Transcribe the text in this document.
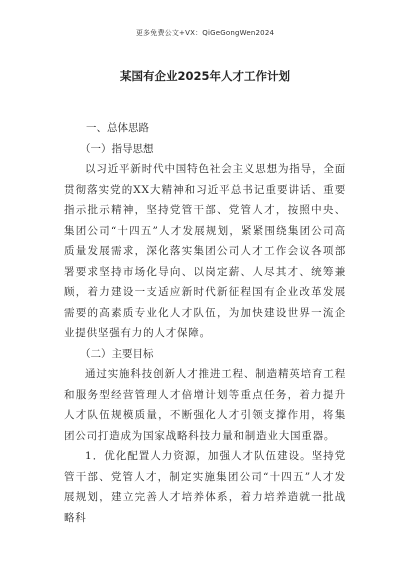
更多免费公文+VX：QiGeGongWen2024
某国有企业2025年人才工作计划

一、总体思路

（一）指导思想

以习近平新时代中国特色社会主义思想为指导，全面贯彻落实党的XX大精神和习近平总书记重要讲话、重要指示批示精神，坚持党管干部、党管人才，按照中央、集团公司“十四五”人才发展规划，紧紧围绕集团公司高质量发展需求，深化落实集团公司人才工作会议各项部署要求坚持市场化导向、以岗定薪、人尽其才、统筹兼顾，着力建设一支适应新时代新征程国有企业改革发展需要的高素质专业化人才队伍，为加快建设世界一流企业提供坚强有力的人才保障。

（二）主要目标

通过实施科技创新人才推进工程、制造精英培育工程和服务型经营管理人才倍增计划等重点任务，着力提升人才队伍规模质量，不断强化人才引领支撑作用，将集团公司打造成为国家战略科技力量和制造业大国重器。

1．优化配置人力资源，加强人才队伍建设。坚持党管干部、党管人才，制定实施集团公司“十四五”人才发展规划，建立完善人才培养体系，着力培养造就一批战略科
